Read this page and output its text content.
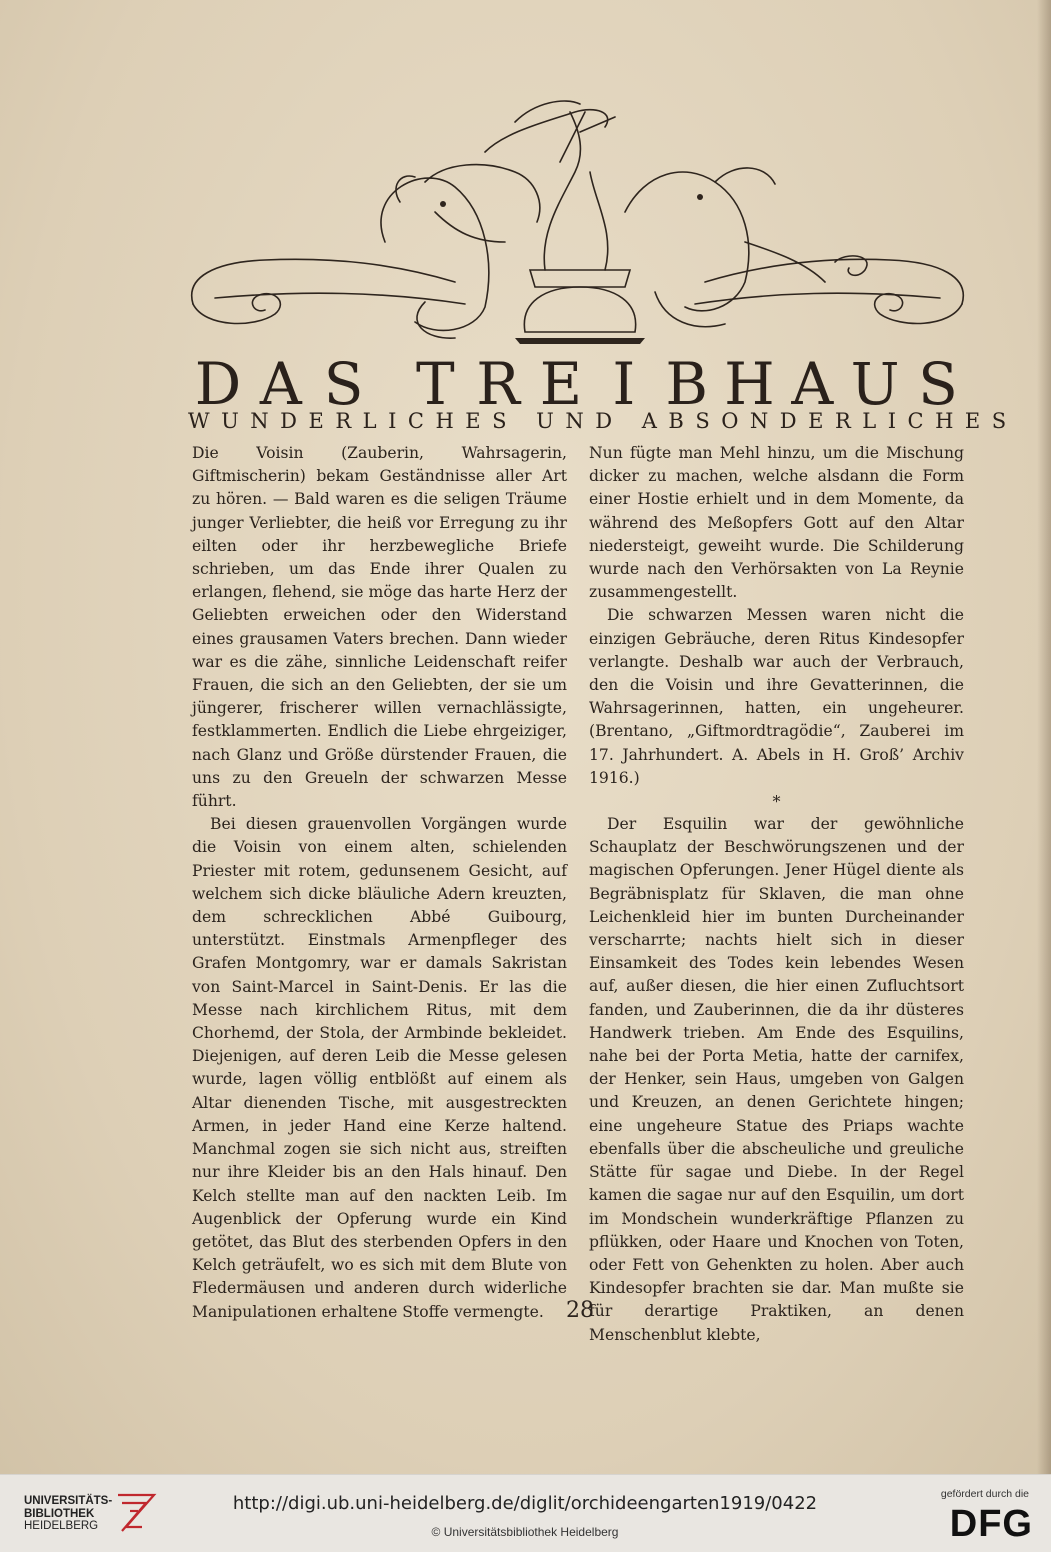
D A S T R E I B H A U S
WUNDERLICHES UND ABSONDERLICHES

Die Voisin (Zauberin, Wahrsagerin, Giftmischerin) bekam Geständnisse aller Art zu hören. — Bald waren es die seligen Träume junger Verliebter, die heiß vor Erregung zu ihr eilten oder ihr herzbewegliche Briefe schrieben, um das Ende ihrer Qualen zu erlangen, flehend, sie möge das harte Herz der Geliebten erweichen oder den Widerstand eines grausamen Vaters brechen. Dann wieder war es die zähe, sinnliche Leidenschaft reifer Frauen, die sich an den Geliebten, der sie um jüngerer, frischerer willen vernachlässigte, festklammerten. Endlich die Liebe ehrgeiziger, nach Glanz und Größe dürstender Frauen, die uns zu den Greueln der schwarzen Messe führt.

Bei diesen grauenvollen Vorgängen wurde die Voisin von einem alten, schielenden Priester mit rotem, gedunsenem Gesicht, auf welchem sich dicke bläuliche Adern kreuzten, dem schrecklichen Abbé Guibourg, unterstützt. Einstmals Armenpfleger des Grafen Montgomry, war er damals Sakristan von Saint-Marcel in Saint-Denis. Er las die Messe nach kirchlichem Ritus, mit dem Chorhemd, der Stola, der Armbinde bekleidet. Diejenigen, auf deren Leib die Messe gelesen wurde, lagen völlig entblößt auf einem als Altar dienenden Tische, mit ausgestreckten Armen, in jeder Hand eine Kerze haltend. Manchmal zogen sie sich nicht aus, streiften nur ihre Kleider bis an den Hals hinauf. Den Kelch stellte man auf den nackten Leib. Im Augenblick der Opferung wurde ein Kind getötet, das Blut des sterbenden Opfers in den Kelch geträufelt, wo es sich mit dem Blute von Fledermäusen und anderen durch widerliche Manipulationen erhaltene Stoffe vermengte.

Nun fügte man Mehl hinzu, um die Mischung dicker zu machen, welche alsdann die Form einer Hostie erhielt und in dem Momente, da während des Meßopfers Gott auf den Altar niedersteigt, geweiht wurde. Die Schilderung wurde nach den Verhörsakten von La Reynie zusammengestellt.

Die schwarzen Messen waren nicht die einzigen Gebräuche, deren Ritus Kindesopfer verlangte. Deshalb war auch der Verbrauch, den die Voisin und ihre Gevatterinnen, die Wahrsagerinnen, hatten, ein ungeheurer. (Brentano, „Giftmordtragödie“, Zauberei im 17. Jahrhundert. A. Abels in H. Groß’ Archiv 1916.)

*

Der Esquilin war der gewöhnliche Schauplatz der Beschwörungszenen und der magischen Opferungen. Jener Hügel diente als Begräbnisplatz für Sklaven, die man ohne Leichenkleid hier im bunten Durcheinander verscharrte; nachts hielt sich in dieser Einsamkeit des Todes kein lebendes Wesen auf, außer diesen, die hier einen Zufluchtsort fanden, und Zauberinnen, die da ihr düsteres Handwerk trieben. Am Ende des Esquilins, nahe bei der Porta Metia, hatte der carnifex, der Henker, sein Haus, umgeben von Galgen und Kreuzen, an denen Gerichtete hingen; eine ungeheure Statue des Priaps wachte ebenfalls über die abscheuliche und greuliche Stätte für sagae und Diebe. In der Regel kamen die sagae nur auf den Esquilin, um dort im Mondschein wunderkräftige Pflanzen zu pflükken, oder Haare und Knochen von Toten, oder Fett von Gehenkten zu holen. Aber auch Kindesopfer brachten sie dar. Man mußte sie für derartige Praktiken, an denen Menschenblut klebte,

28
UNIVERSITÄTS-
BIBLIOTHEK
HEIDELBERG
http://digi.ub.uni-heidelberg.de/diglit/orchideengarten1919/0422
© Universitätsbibliothek Heidelberg
gefördert durch die
DFG
